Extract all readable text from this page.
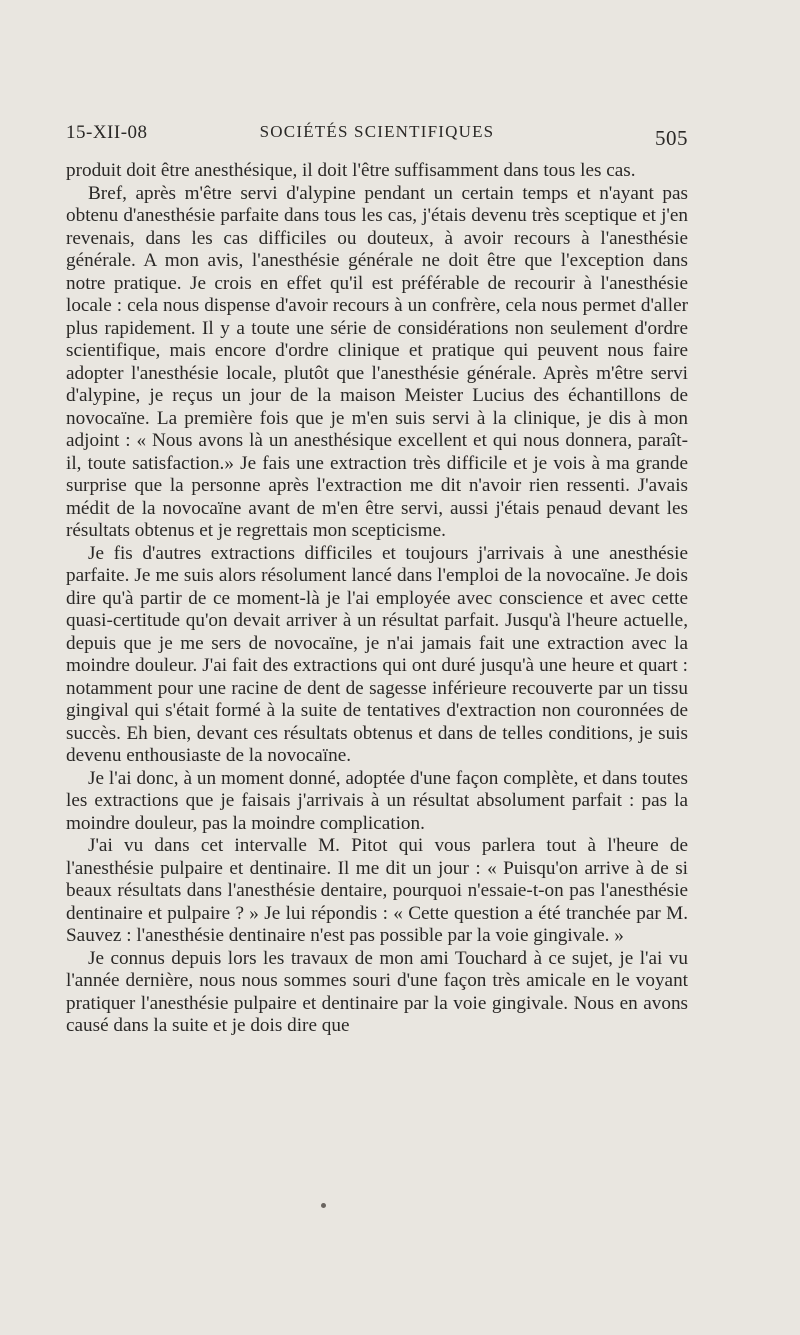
15-XII-08	SOCIÉTÉS SCIENTIFIQUES	505

produit doit être anesthésique, il doit l'être suffisamment dans tous les cas.

Bref, après m'être servi d'alypine pendant un certain temps et n'ayant pas obtenu d'anesthésie parfaite dans tous les cas, j'étais devenu très sceptique et j'en revenais, dans les cas difficiles ou douteux, à avoir recours à l'anesthésie générale. A mon avis, l'anesthésie générale ne doit être que l'exception dans notre pratique. Je crois en effet qu'il est préférable de recourir à l'anesthésie locale : cela nous dispense d'avoir recours à un confrère, cela nous permet d'aller plus rapidement. Il y a toute une série de considérations non seulement d'ordre scientifique, mais encore d'ordre clinique et pratique qui peuvent nous faire adopter l'anesthésie locale, plutôt que l'anesthésie générale. Après m'être servi d'alypine, je reçus un jour de la maison Meister Lucius des échantillons de novocaïne. La première fois que je m'en suis servi à la clinique, je dis à mon adjoint : « Nous avons là un anesthésique excellent et qui nous donnera, paraît-il, toute satisfaction.» Je fais une extraction très difficile et je vois à ma grande surprise que la personne après l'extraction me dit n'avoir rien ressenti. J'avais médit de la novocaïne avant de m'en être servi, aussi j'étais penaud devant les résultats obtenus et je regrettais mon scepticisme.

Je fis d'autres extractions difficiles et toujours j'arrivais à une anesthésie parfaite. Je me suis alors résolument lancé dans l'emploi de la novocaïne. Je dois dire qu'à partir de ce moment-là je l'ai employée avec conscience et avec cette quasi-certitude qu'on devait arriver à un résultat parfait. Jusqu'à l'heure actuelle, depuis que je me sers de novocaïne, je n'ai jamais fait une extraction avec la moindre douleur. J'ai fait des extractions qui ont duré jusqu'à une heure et quart : notamment pour une racine de dent de sagesse inférieure recouverte par un tissu gingival qui s'était formé à la suite de tentatives d'extraction non couronnées de succès. Eh bien, devant ces résultats obtenus et dans de telles conditions, je suis devenu enthousiaste de la novocaïne.

Je l'ai donc, à un moment donné, adoptée d'une façon complète, et dans toutes les extractions que je faisais j'arrivais à un résultat absolument parfait : pas la moindre douleur, pas la moindre complication.

J'ai vu dans cet intervalle M. Pitot qui vous parlera tout à l'heure de l'anesthésie pulpaire et dentinaire. Il me dit un jour : « Puisqu'on arrive à de si beaux résultats dans l'anesthésie dentaire, pourquoi n'essaie-t-on pas l'anesthésie dentinaire et pulpaire ? » Je lui répondis : « Cette question a été tranchée par M. Sauvez : l'anesthésie dentinaire n'est pas possible par la voie gingivale. »

Je connus depuis lors les travaux de mon ami Touchard à ce sujet, je l'ai vu l'année dernière, nous nous sommes souri d'une façon très amicale en le voyant pratiquer l'anesthésie pulpaire et dentinaire par la voie gingivale. Nous en avons causé dans la suite et je dois dire que
